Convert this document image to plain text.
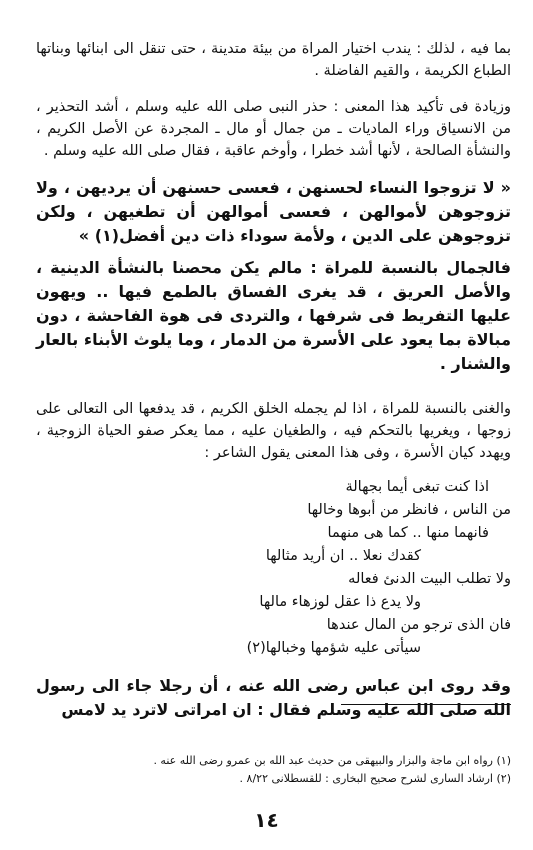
بما فيه ، لذلك : يندب اختيار المراة من بيئة متدينة ، حتى تنقل الى ابنائها وبناتها الطباع الكريمة ، والقيم الفاضلة .

وزيادة فى تأكيد هذا المعنى : حذر النبى صلى الله عليه وسلم ، أشد التحذير ، من الانسياق وراء الماديات ـ من جمال أو مال ـ المجردة عن الأصل الكريم ، والنشأة الصالحة ، لأنها أشد خطرا ، وأوخم عاقبة ، فقال صلى الله عليه وسلم .

« لا تزوجوا النساء لحسنهن ، فعسى حسنهن أن يرديهن ، ولا تزوجوهن لأموالهن ، فعسى أموالهن أن تطغيهن ، ولكن تزوجوهن على الدين ، ولأمة سوداء ذات دين أفضل(١) »

فالجمال بالنسبة للمراة : مالم يكن محصنا بالنشأة الدينية ، والأصل العريق ، قد يغرى الفساق بالطمع فيها .. ويهون عليها التفريط فى شرفها ، والتردى فى هوة الفاحشة ، دون مبالاة بما يعود على الأسرة من الدمار ، وما يلوث الأبناء بالعار والشنار .

والغنى بالنسبة للمراة ، اذا لم يجمله الخلق الكريم ، قد يدفعها الى التعالى على زوجها ، ويغريها بالتحكم فيه ، والطغيان عليه ، مما يعكر صفو الحياة الزوجية ، ويهدد كيان الأسرة ، وفى هذا المعنى يقول الشاعر :

اذا كنت تبغى أيما بجهالة
من الناس ، فانظر من أبوها وخالها
فانهما منها .. كما هى منهما
كقدك نعلا .. ان أريد مثالها
ولا تطلب البيت الدنئ فعاله
ولا يدع ذا عقل لوزهاء مالها
فان الذى ترجو من المال عندها
سيأتى عليه شؤمها وخبالها(٢)

وقد روى ابن عباس رضى الله عنه ، أن رجلا جاء الى رسول الله صلى الله عليه وسلم فقال : ان امراتى لاترد يد لامس

(١) رواه ابن ماجة والبزار والبيهقى من حديث عبد الله بن عمرو رضى الله عنه .

(٢) ارشاد السارى لشرح صحيح البخارى : للقسطلانى ٨/٢٢ .

١٤
